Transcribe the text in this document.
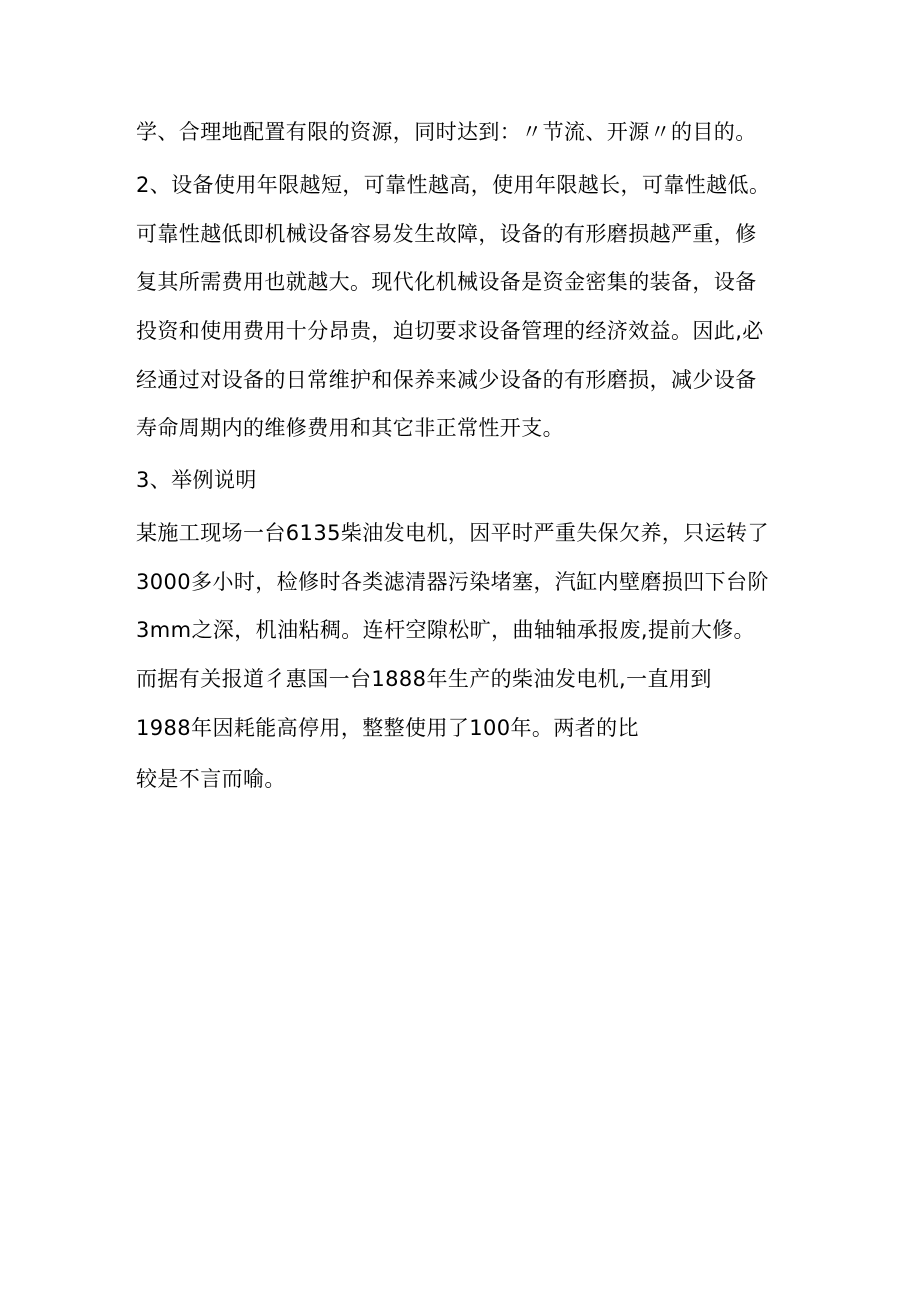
学、合理地配置有限的资源，同时达到：〃节流、开源〃的目的。
2、设备使用年限越短，可靠性越高，使用年限越长，可靠性越低。
可靠性越低即机械设备容易发生故障，设备的有形磨损越严重，修
复其所需费用也就越大。现代化机械设备是资金密集的装备，设备
投资和使用费用十分昂贵，迫切要求设备管理的经济效益。因此,必
经通过对设备的日常维护和保养来减少设备的有形磨损，减少设备
寿命周期内的维修费用和其它非正常性开支。
3、举例说明
某施工现场一台6135柴油发电机，因平时严重失保欠养，只运转了
3000多小时，检修时各类滤清器污染堵塞，汽缸内壁磨损凹下台阶
3mm之深，机油粘稠。连杆空隙松旷，曲轴轴承报废,提前大修。
而据有关报道彳惠国一台1888年生产的柴油发电机,一直用到
1988年因耗能高停用，整整使用了100年。两者的比
较是不言而喻。
